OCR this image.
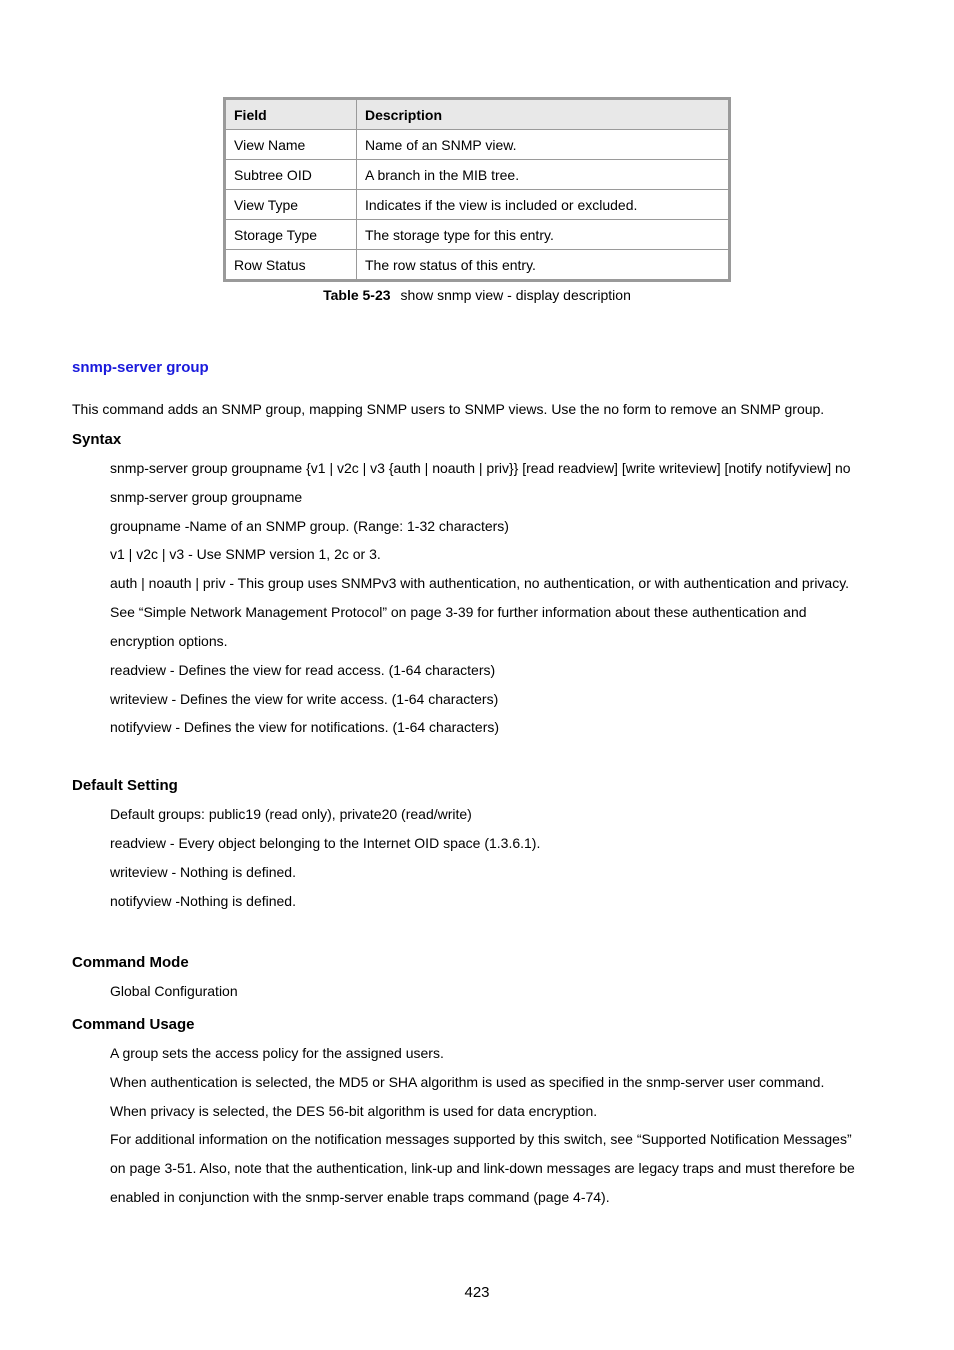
Field	Description
View Name	Name of an SNMP view.
Subtree OID	A branch in the MIB tree.
View Type	Indicates if the view is included or excluded.
Storage Type	The storage type for this entry.
Row Status	The row status of this entry.
Table 5-23 show snmp view - display description
snmp-server group
This command adds an SNMP group, mapping SNMP users to SNMP views. Use the no form to remove an SNMP group.
Syntax
snmp-server group groupname {v1 | v2c | v3 {auth | noauth | priv}} [read readview] [write writeview] [notify notifyview] no
snmp-server group groupname
groupname -Name of an SNMP group. (Range: 1-32 characters)
v1 | v2c | v3 - Use SNMP version 1, 2c or 3.
auth | noauth | priv - This group uses SNMPv3 with authentication, no authentication, or with authentication and privacy.
See “Simple Network Management Protocol” on page 3-39 for further information about these authentication and
encryption options.
readview - Defines the view for read access. (1-64 characters)
writeview - Defines the view for write access. (1-64 characters)
notifyview - Defines the view for notifications. (1-64 characters)
Default Setting
Default groups: public19 (read only), private20 (read/write)
readview - Every object belonging to the Internet OID space (1.3.6.1).
writeview - Nothing is defined.
notifyview -Nothing is defined.
Command Mode
Global Configuration
Command Usage
A group sets the access policy for the assigned users.
When authentication is selected, the MD5 or SHA algorithm is used as specified in the snmp-server user command.
When privacy is selected, the DES 56-bit algorithm is used for data encryption.
For additional information on the notification messages supported by this switch, see “Supported Notification Messages”
on page 3-51. Also, note that the authentication, link-up and link-down messages are legacy traps and must therefore be
enabled in conjunction with the snmp-server enable traps command (page 4-74).
423
